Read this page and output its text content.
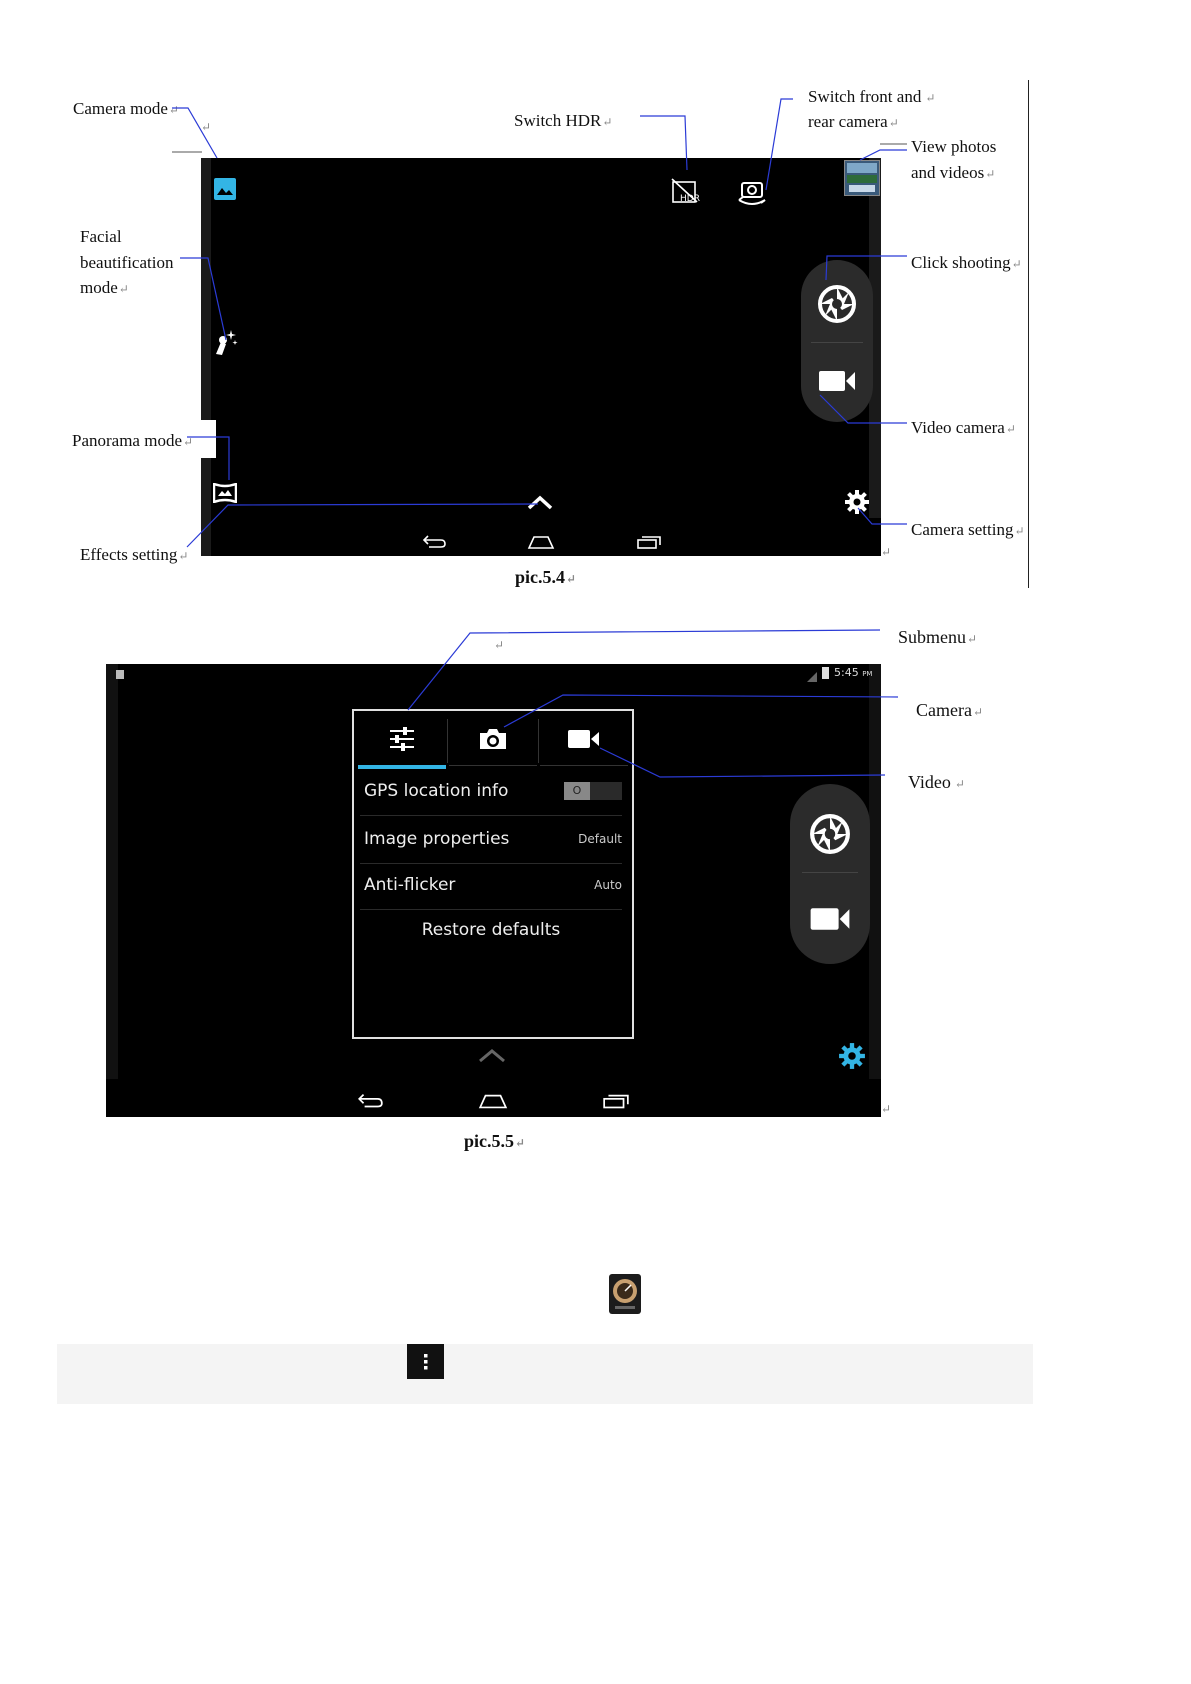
HDR
Camera mode↵
Switch HDR↵
Switch front and ↵
rear camera↵
View photos
and videos↵
Facial
beautification
mode↵
Click shooting↵
Video camera↵
Panorama mode↵
Effects setting↵
Camera setting↵
pic.5.4↵
5:45 PM
GPS location info	O
Image properties	Default
Anti-flicker	Auto
Restore defaults
Submenu↵
Camera↵
Video ↵
pic.5.5↵
↵
↵
↵
↵
